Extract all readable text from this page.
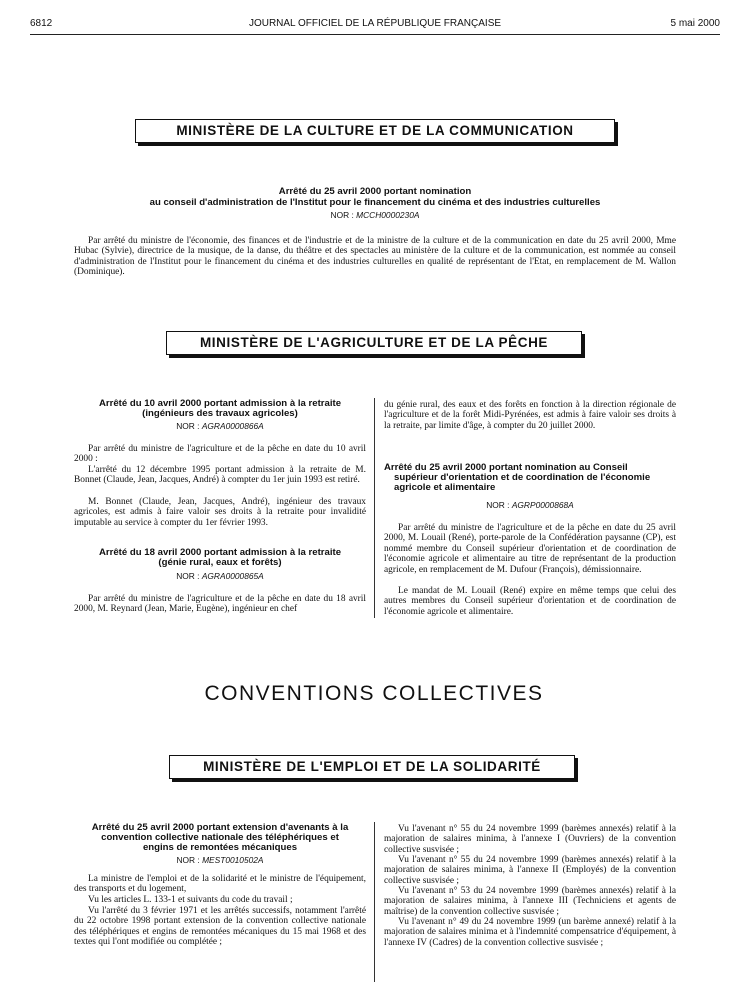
6812	JOURNAL OFFICIEL DE LA RÉPUBLIQUE FRANÇAISE	5 mai 2000
MINISTÈRE DE LA CULTURE ET DE LA COMMUNICATION
Arrêté du 25 avril 2000 portant nomination
au conseil d'administration de l'Institut pour le financement du cinéma et des industries culturelles
NOR : MCCH0000230A

Par arrêté du ministre de l'économie, des finances et de l'industrie et de la ministre de la culture et de la communication en date du 25 avril 2000, Mme Hubac (Sylvie), directrice de la musique, de la danse, du théâtre et des spectacles au ministère de la culture et de la communication, est nommée au conseil d'administration de l'Institut pour le financement du cinéma et des industries culturelles en qualité de représentant de l'Etat, en remplacement de M. Wallon (Dominique).

MINISTÈRE DE L'AGRICULTURE ET DE LA PÊCHE
Arrêté du 10 avril 2000 portant admission à la retraite
(ingénieurs des travaux agricoles)
NOR : AGRA0000866A

Par arrêté du ministre de l'agriculture et de la pêche en date du 10 avril 2000 :

L'arrêté du 12 décembre 1995 portant admission à la retraite de M. Bonnet (Claude, Jean, Jacques, André) à compter du 1er juin 1993 est retiré.

M. Bonnet (Claude, Jean, Jacques, André), ingénieur des travaux agricoles, est admis à faire valoir ses droits à la retraite pour invalidité imputable au service à compter du 1er février 1993.

Arrêté du 18 avril 2000 portant admission à la retraite
(génie rural, eaux et forêts)
NOR : AGRA0000865A

Par arrêté du ministre de l'agriculture et de la pêche en date du 18 avril 2000, M. Reynard (Jean, Marie, Eugène), ingénieur en chef

du génie rural, des eaux et des forêts en fonction à la direction régionale de l'agriculture et de la forêt Midi-Pyrénées, est admis à faire valoir ses droits à la retraite, par limite d'âge, à compter du 20 juillet 2000.

Arrêté du 25 avril 2000 portant nomination au Conseil
supérieur d'orientation et de coordination de l'économie
agricole et alimentaire
NOR : AGRP0000868A

Par arrêté du ministre de l'agriculture et de la pêche en date du 25 avril 2000, M. Louail (René), porte-parole de la Confédération paysanne (CP), est nommé membre du Conseil supérieur d'orientation et de coordination de l'économie agricole et alimentaire au titre de représentant de la production agricole, en remplacement de M. Dufour (François), démissionnaire.

Le mandat de M. Louail (René) expire en même temps que celui des autres membres du Conseil supérieur d'orientation et de coordination de l'économie agricole et alimentaire.

CONVENTIONS COLLECTIVES
MINISTÈRE DE L'EMPLOI ET DE LA SOLIDARITÉ
Arrêté du 25 avril 2000 portant extension d'avenants à la
convention collective nationale des téléphériques et
engins de remontées mécaniques
NOR : MEST0010502A

La ministre de l'emploi et de la solidarité et le ministre de l'équipement, des transports et du logement,

Vu les articles L. 133-1 et suivants du code du travail ;

Vu l'arrêté du 3 février 1971 et les arrêtés successifs, notamment l'arrêté du 22 octobre 1998 portant extension de la convention collective nationale des téléphériques et engins de remontées mécaniques du 15 mai 1968 et des textes qui l'ont modifiée ou complétée ;

Vu l'avenant n° 55 du 24 novembre 1999 (barèmes annexés) relatif à la majoration de salaires minima, à l'annexe I (Ouvriers) de la convention collective susvisée ;

Vu l'avenant n° 55 du 24 novembre 1999 (barèmes annexés) relatif à la majoration de salaires minima, à l'annexe II (Employés) de la convention collective susvisée ;

Vu l'avenant n° 53 du 24 novembre 1999 (barèmes annexés) relatif à la majoration de salaires minima, à l'annexe III (Techniciens et agents de maîtrise) de la convention collective susvisée ;

Vu l'avenant n° 49 du 24 novembre 1999 (un barème annexé) relatif à la majoration de salaires minima et à l'indemnité compensatrice d'équipement, à l'annexe IV (Cadres) de la convention collective susvisée ;
